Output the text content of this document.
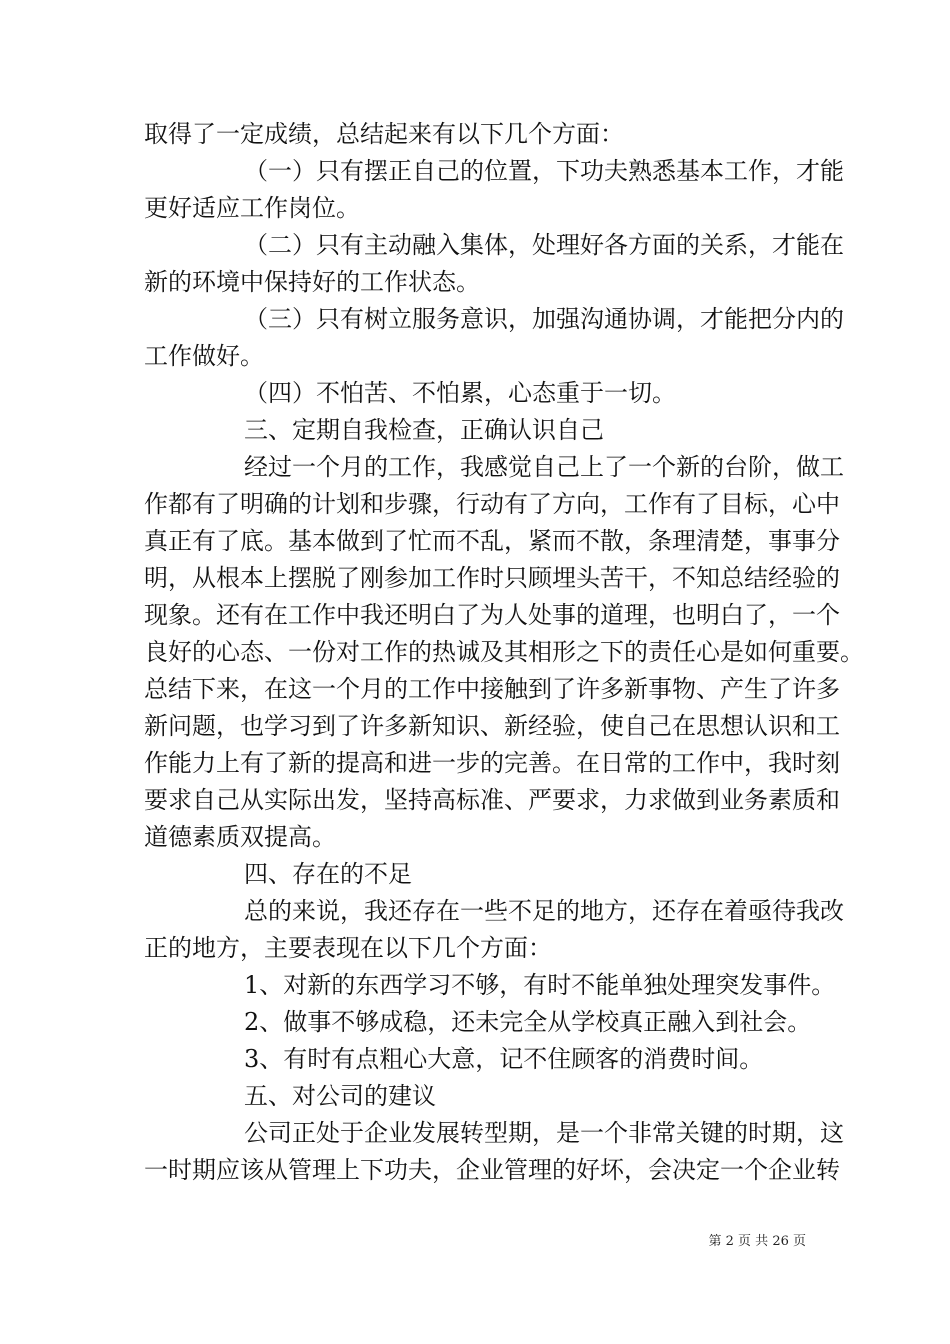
取得了一定成绩，总结起来有以下几个方面：
（一）只有摆正自己的位置，下功夫熟悉基本工作，才能
更好适应工作岗位。
（二）只有主动融入集体，处理好各方面的关系，才能在
新的环境中保持好的工作状态。
（三）只有树立服务意识，加强沟通协调，才能把分内的
工作做好。
（四）不怕苦、不怕累，心态重于一切。
三、定期自我检查，正确认识自己
经过一个月的工作，我感觉自己上了一个新的台阶，做工
作都有了明确的计划和步骤，行动有了方向，工作有了目标，心中
真正有了底。基本做到了忙而不乱，紧而不散，条理清楚，事事分
明，从根本上摆脱了刚参加工作时只顾埋头苦干，不知总结经验的
现象。还有在工作中我还明白了为人处事的道理，也明白了，一个
良好的心态、一份对工作的热诚及其相形之下的责任心是如何重要。
总结下来，在这一个月的工作中接触到了许多新事物、产生了许多
新问题，也学习到了许多新知识、新经验，使自己在思想认识和工
作能力上有了新的提高和进一步的完善。在日常的工作中，我时刻
要求自己从实际出发，坚持高标准、严要求，力求做到业务素质和
道德素质双提高。
四、存在的不足
总的来说，我还存在一些不足的地方，还存在着亟待我改
正的地方，主要表现在以下几个方面：
1、对新的东西学习不够，有时不能单独处理突发事件。
2、做事不够成稳，还未完全从学校真正融入到社会。
3、有时有点粗心大意，记不住顾客的消费时间。
五、对公司的建议
公司正处于企业发展转型期，是一个非常关键的时期，这
一时期应该从管理上下功夫，企业管理的好坏，会决定一个企业转
第 2 页 共 26 页
